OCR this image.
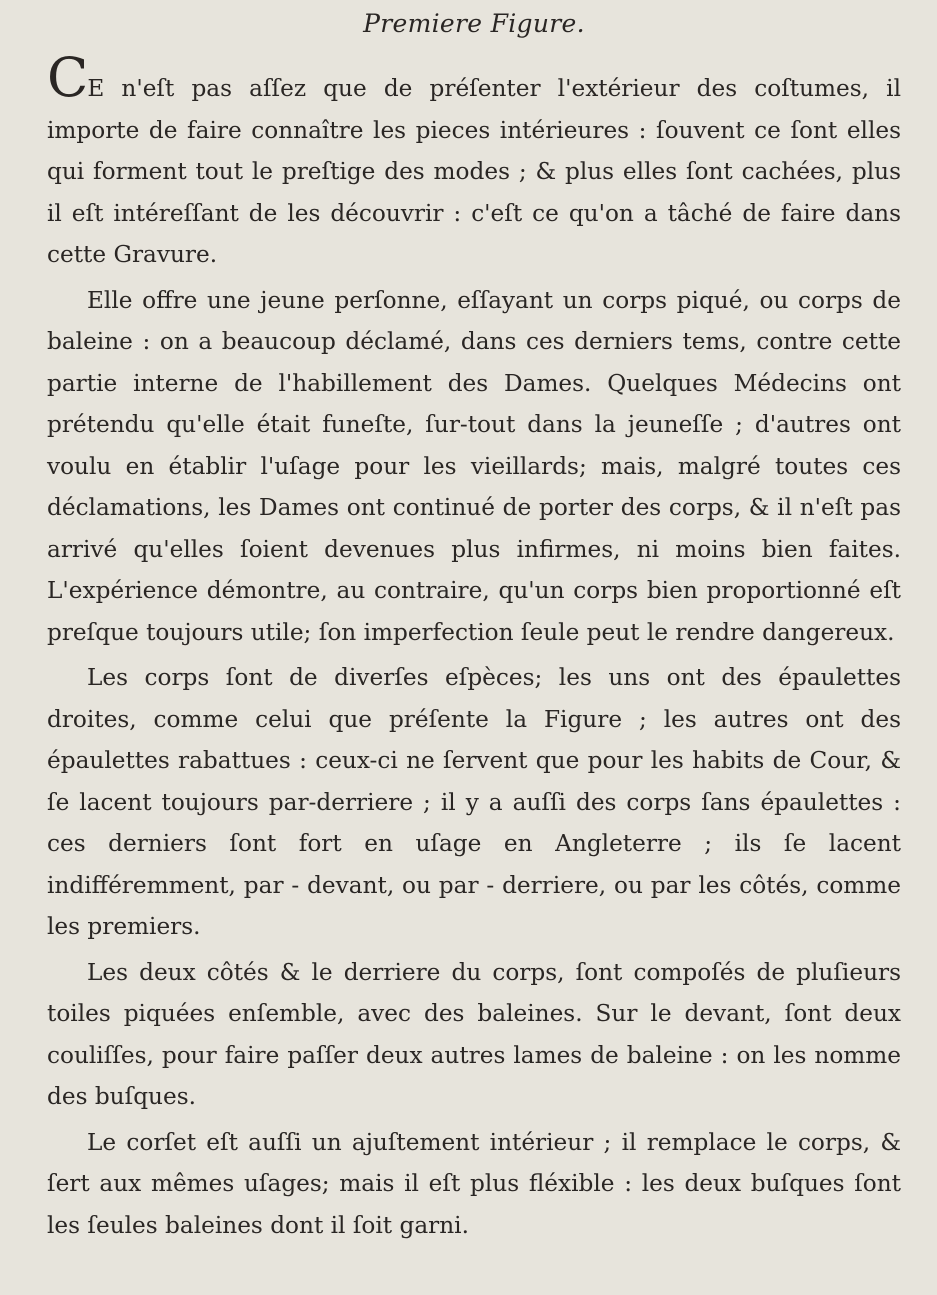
Premiere Figure.

CE n'eſt pas aſſez que de préſenter l'extérieur des coſtumes, il importe de faire connaître les pieces intérieures : ſouvent ce ſont elles qui forment tout le preſtige des modes ; & plus elles ſont cachées, plus il eſt intéreſſant de les découvrir : c'eſt ce qu'on a tâché de faire dans cette Gravure.

Elle offre une jeune perſonne, eſſayant un corps piqué, ou corps de baleine : on a beaucoup déclamé, dans ces derniers tems, contre cette partie interne de l'habillement des Dames. Quelques Médecins ont prétendu qu'elle était funeſte, ſur-tout dans la jeuneſſe ; d'autres ont voulu en établir l'uſage pour les vieillards; mais, malgré toutes ces déclamations, les Dames ont continué de porter des corps, & il n'eſt pas arrivé qu'elles ſoient devenues plus infirmes, ni moins bien faites. L'expérience démontre, au contraire, qu'un corps bien proportionné eſt preſque toujours utile; ſon imperfection ſeule peut le rendre dangereux.

Les corps ſont de diverſes eſpèces; les uns ont des épaulettes droites, comme celui que préſente la Figure ; les autres ont des épaulettes rabattues : ceux-ci ne ſervent que pour les habits de Cour, & ſe lacent toujours par-derriere ; il y a auſſi des corps ſans épaulettes : ces derniers ſont fort en uſage en Angleterre ; ils ſe lacent indifféremment, par - devant, ou par - derriere, ou par les côtés, comme les premiers.

Les deux côtés & le derriere du corps, ſont compoſés de pluſieurs toiles piquées enſemble, avec des baleines. Sur le devant, ſont deux couliſſes, pour faire paſſer deux autres lames de baleine : on les nomme des buſques.

Le corſet eſt auſſi un ajuſtement intérieur ; il remplace le corps, & ſert aux mêmes uſages; mais il eſt plus fléxible : les deux buſques ſont les ſeules baleines dont il ſoit garni.
